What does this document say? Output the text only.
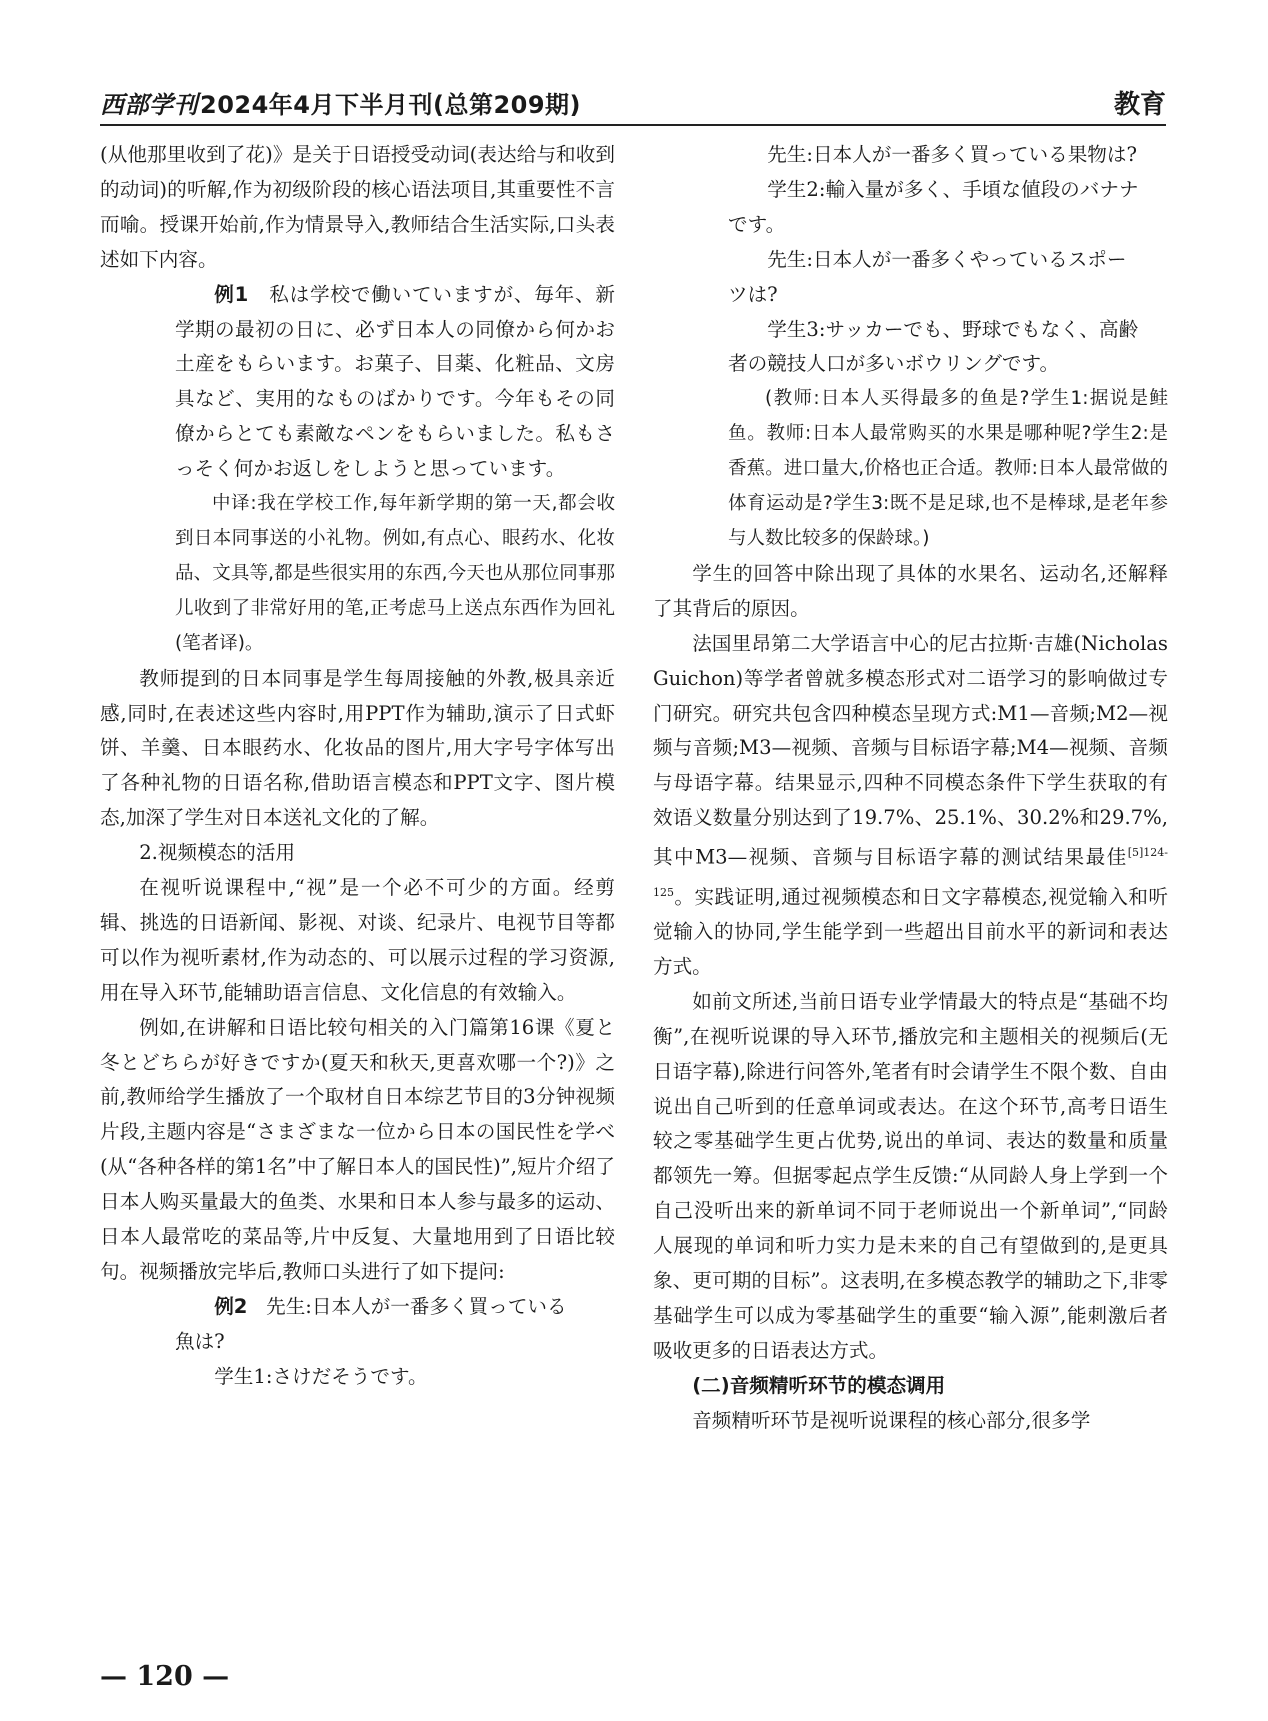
西部学刊2024年4月下半月刊(总第209期)	教育

(从他那里收到了花)》是关于日语授受动词(表达给与和收到的动词)的听解,作为初级阶段的核心语法项目,其重要性不言而喻。授课开始前,作为情景导入,教师结合生活实际,口头表述如下内容。

例1 私は学校で働いていますが、毎年、新学期の最初の日に、必ず日本人の同僚から何かお土産をもらいます。お菓子、目薬、化粧品、文房具など、実用的なものばかりです。今年もその同僚からとても素敵なペンをもらいました。私もさっそく何かお返しをしようと思っています。

中译:我在学校工作,每年新学期的第一天,都会收到日本同事送的小礼物。例如,有点心、眼药水、化妆品、文具等,都是些很实用的东西,今天也从那位同事那儿收到了非常好用的笔,正考虑马上送点东西作为回礼(笔者译)。

教师提到的日本同事是学生每周接触的外教,极具亲近感,同时,在表述这些内容时,用PPT作为辅助,演示了日式虾饼、羊羹、日本眼药水、化妆品的图片,用大字号字体写出了各种礼物的日语名称,借助语言模态和PPT文字、图片模态,加深了学生对日本送礼文化的了解。

2.视频模态的活用

在视听说课程中,“视”是一个必不可少的方面。经剪辑、挑选的日语新闻、影视、对谈、纪录片、电视节目等都可以作为视听素材,作为动态的、可以展示过程的学习资源,用在导入环节,能辅助语言信息、文化信息的有效输入。

例如,在讲解和日语比较句相关的入门篇第16课《夏と冬とどちらが好きですか(夏天和秋天,更喜欢哪一个?)》之前,教师给学生播放了一个取材自日本综艺节目的3分钟视频片段,主题内容是“さまざまな一位から日本の国民性を学べ(从“各种各样的第1名”中了解日本人的国民性)”,短片介绍了日本人购买量最大的鱼类、水果和日本人参与最多的运动、日本人最常吃的菜品等,片中反复、大量地用到了日语比较句。视频播放完毕后,教师口头进行了如下提问:

例2 先生:日本人が一番多く買っている

魚は?

学生1:さけだそうです。

先生:日本人が一番多く買っている果物は?

学生2:輸入量が多く、手頃な値段のバナナ

です。

先生:日本人が一番多くやっているスポー

ツは?

学生3:サッカーでも、野球でもなく、高齢

者の競技人口が多いボウリングです。

(教师:日本人买得最多的鱼是?学生1:据说是鲑鱼。教师:日本人最常购买的水果是哪种呢?学生2:是香蕉。进口量大,价格也正合适。教师:日本人最常做的体育运动是?学生3:既不是足球,也不是棒球,是老年参与人数比较多的保龄球。)

学生的回答中除出现了具体的水果名、运动名,还解释了其背后的原因。

法国里昂第二大学语言中心的尼古拉斯·吉雄(Nicholas Guichon)等学者曾就多模态形式对二语学习的影响做过专门研究。研究共包含四种模态呈现方式:M1—音频;M2—视频与音频;M3—视频、音频与目标语字幕;M4—视频、音频与母语字幕。结果显示,四种不同模态条件下学生获取的有效语义数量分别达到了19.7%、25.1%、30.2%和29.7%,其中M3—视频、音频与目标语字幕的测试结果最佳$^{[5]124-125}$。实践证明,通过视频模态和日文字幕模态,视觉输入和听觉输入的协同,学生能学到一些超出目前水平的新词和表达方式。

如前文所述,当前日语专业学情最大的特点是“基础不均衡”,在视听说课的导入环节,播放完和主题相关的视频后(无日语字幕),除进行问答外,笔者有时会请学生不限个数、自由说出自己听到的任意单词或表达。在这个环节,高考日语生较之零基础学生更占优势,说出的单词、表达的数量和质量都领先一筹。但据零起点学生反馈:“从同龄人身上学到一个自己没听出来的新单词不同于老师说出一个新单词”,“同龄人展现的单词和听力实力是未来的自己有望做到的,是更具象、更可期的目标”。这表明,在多模态教学的辅助之下,非零基础学生可以成为零基础学生的重要“输入源”,能刺激后者吸收更多的日语表达方式。

(二)音频精听环节的模态调用

音频精听环节是视听说课程的核心部分,很多学

— 120 —
